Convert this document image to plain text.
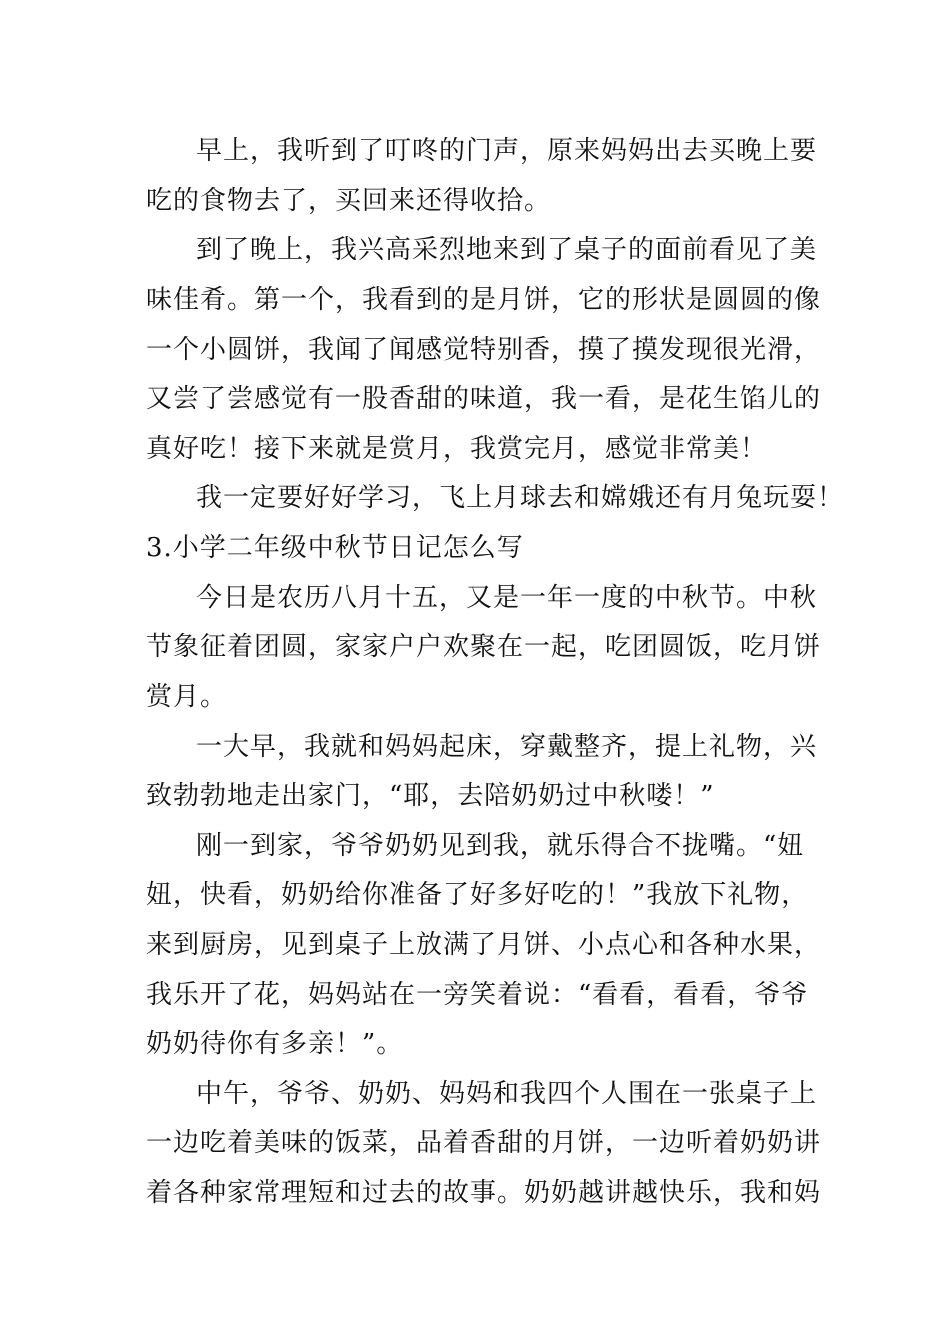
早上，我听到了叮咚的门声，原来妈妈出去买晚上要
吃的食物去了，买回来还得收拾。
到了晚上，我兴高采烈地来到了桌子的面前看见了美
味佳肴。第一个，我看到的是月饼，它的形状是圆圆的像
一个小圆饼，我闻了闻感觉特别香，摸了摸发现很光滑，
又尝了尝感觉有一股香甜的味道，我一看，是花生馅儿的
真好吃！接下来就是赏月，我赏完月，感觉非常美！
我一定要好好学习，飞上月球去和嫦娥还有月兔玩耍！
3.小学二年级中秋节日记怎么写
今日是农历八月十五，又是一年一度的中秋节。中秋
节象征着团圆，家家户户欢聚在一起，吃团圆饭，吃月饼
赏月。
一大早，我就和妈妈起床，穿戴整齐，提上礼物，兴
致勃勃地走出家门，“耶，去陪奶奶过中秋喽！”
刚一到家，爷爷奶奶见到我，就乐得合不拢嘴。“妞
妞，快看，奶奶给你准备了好多好吃的！”我放下礼物，
来到厨房，见到桌子上放满了月饼、小点心和各种水果，
我乐开了花，妈妈站在一旁笑着说：“看看，看看，爷爷
奶奶待你有多亲！”。
中午，爷爷、奶奶、妈妈和我四个人围在一张桌子上
一边吃着美味的饭菜，品着香甜的月饼，一边听着奶奶讲
着各种家常理短和过去的故事。奶奶越讲越快乐，我和妈
